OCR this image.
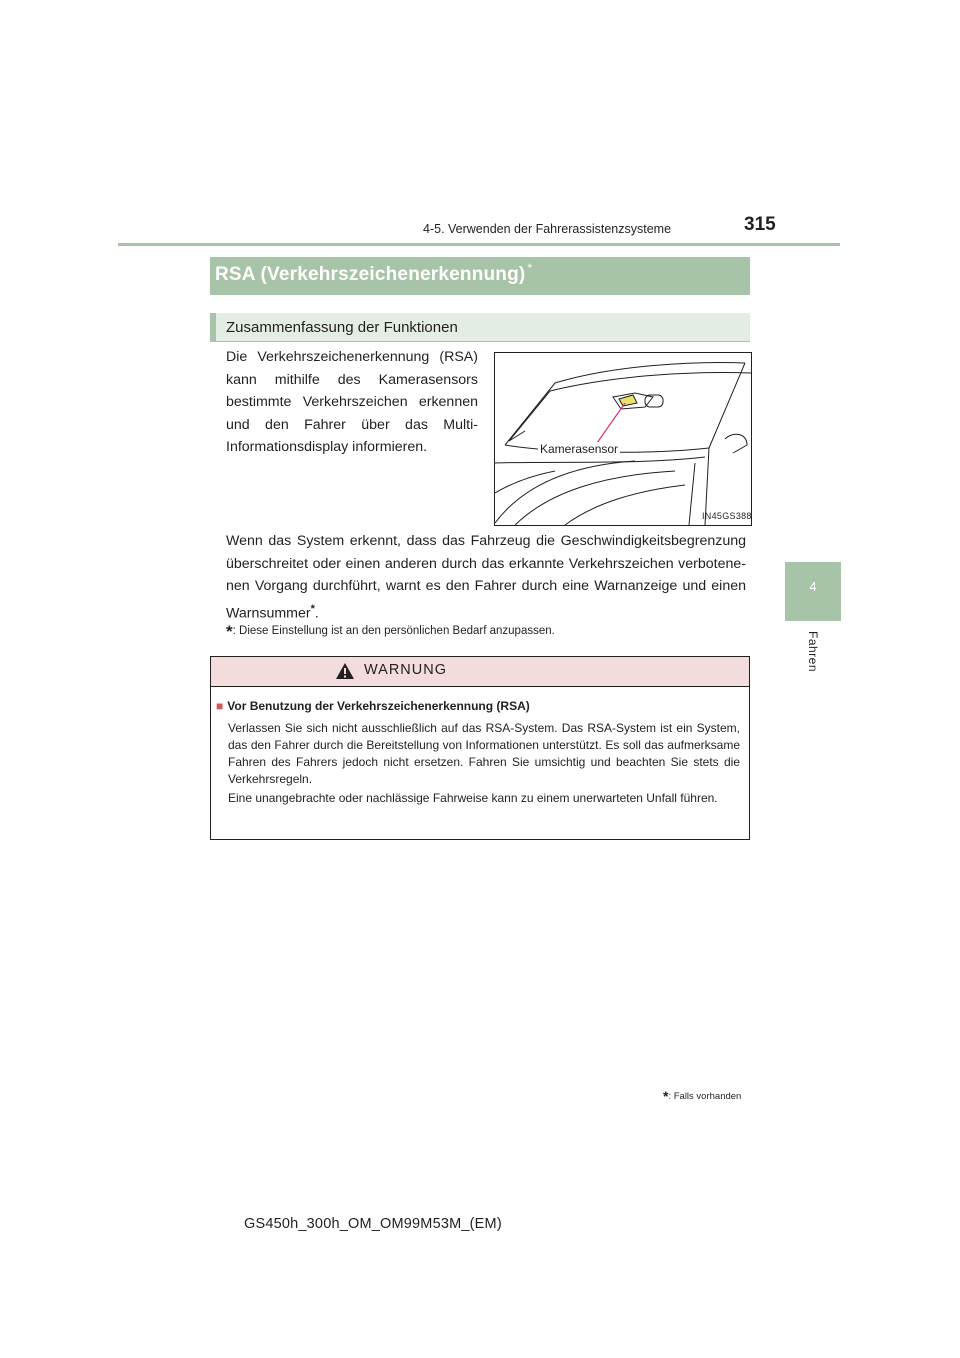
4-5. Verwenden der Fahrerassistenzsysteme	315
4
Fahren
RSA (Verkehrszeichenerkennung) *
Zusammenfassung der Funktionen
Die Verkehrszeichenerkennung (RSA) kann mithilfe des Kamerasensors bestimmte Verkehrszeichen erkennen und den Fahrer über das Multi-Informationsdisplay informieren.	Kamerasensor
IN45GS388
Wenn das System erkennt, dass das Fahrzeug die Geschwindigkeitsbegrenzung überschreitet oder einen anderen durch das erkannte Verkehrszeichen verbotene-nen Vorgang durchführt, warnt es den Fahrer durch eine Warnanzeige und einen Warnsummer*.
*: Diese Einstellung ist an den persönlichen Bedarf anzupassen.
WARNUNG
■ Vor Benutzung der Verkehrszeichenerkennung (RSA)
Verlassen Sie sich nicht ausschließlich auf das RSA-System. Das RSA-System ist ein System, das den Fahrer durch die Bereitstellung von Informationen unterstützt. Es soll das aufmerksame Fahren des Fahrers jedoch nicht ersetzen. Fahren Sie umsichtig und beachten Sie stets die Verkehrsregeln.
Eine unangebrachte oder nachlässige Fahrweise kann zu einem unerwarteten Unfall führen.
*: Falls vorhanden
GS450h_300h_OM_OM99M53M_(EM)
